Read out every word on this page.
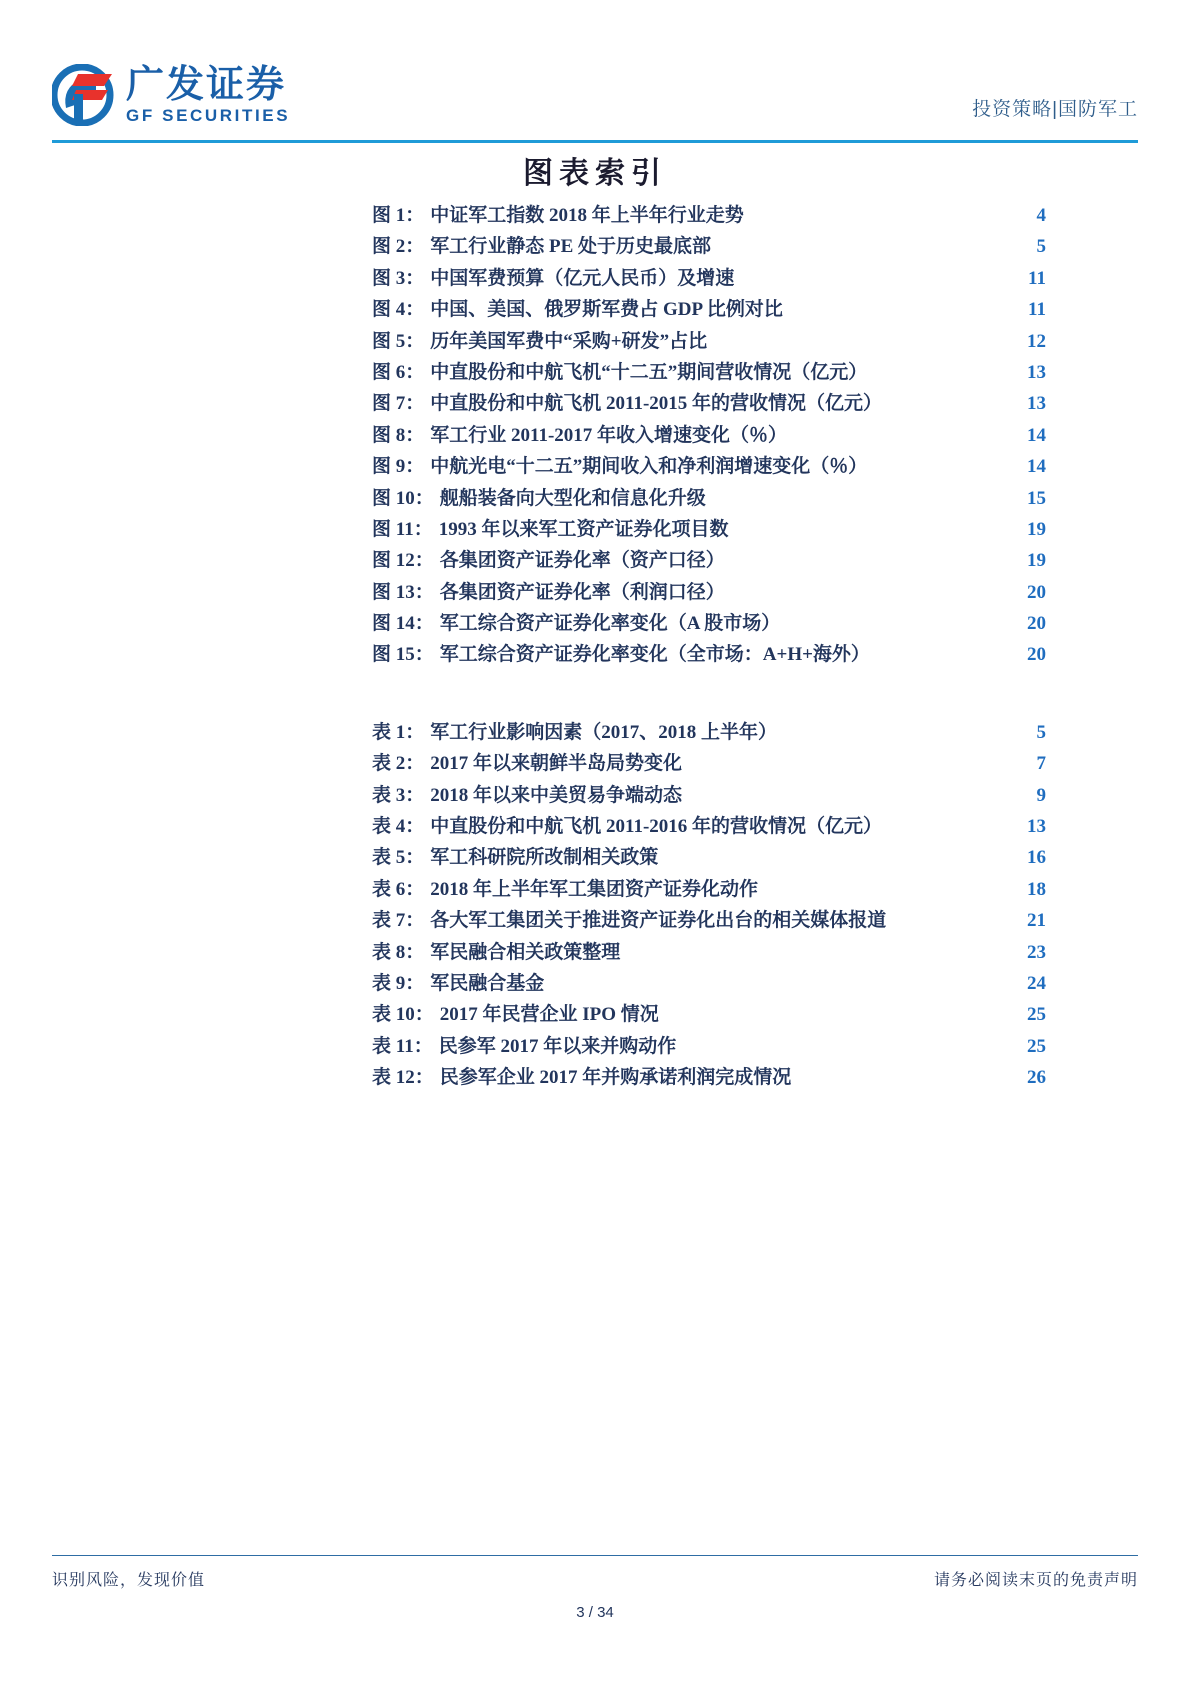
广发证券
GF SECURITIES	投资策略|国防军工
图表索引
图 1： 中证军工指数 2018 年上半年行业走势	4
图 2： 军工行业静态 PE 处于历史最底部	5
图 3： 中国军费预算（亿元人民币）及增速	11
图 4： 中国、美国、俄罗斯军费占 GDP 比例对比	11
图 5： 历年美国军费中“采购+研发”占比	12
图 6： 中直股份和中航飞机“十二五”期间营收情况（亿元）	13
图 7： 中直股份和中航飞机 2011-2015 年的营收情况（亿元）	13
图 8： 军工行业 2011-2017 年收入增速变化（％）	14
图 9： 中航光电“十二五”期间收入和净利润增速变化（％）	14
图 10： 舰船装备向大型化和信息化升级	15
图 11： 1993 年以来军工资产证券化项目数	19
图 12： 各集团资产证券化率（资产口径）	19
图 13： 各集团资产证券化率（利润口径）	20
图 14： 军工综合资产证券化率变化（A 股市场）	20
图 15： 军工综合资产证券化率变化（全市场：A+H+海外）	20
表 1： 军工行业影响因素（2017、2018 上半年）	5
表 2： 2017 年以来朝鲜半岛局势变化	7
表 3： 2018 年以来中美贸易争端动态	9
表 4： 中直股份和中航飞机 2011-2016 年的营收情况（亿元）	13
表 5： 军工科研院所改制相关政策	16
表 6： 2018 年上半年军工集团资产证券化动作	18
表 7： 各大军工集团关于推进资产证券化出台的相关媒体报道	21
表 8： 军民融合相关政策整理	23
表 9： 军民融合基金	24
表 10： 2017 年民营企业 IPO 情况	25
表 11： 民参军 2017 年以来并购动作	25
表 12： 民参军企业 2017 年并购承诺利润完成情况	26
识别风险，发现价值	请务必阅读末页的免责声明
3 / 34
